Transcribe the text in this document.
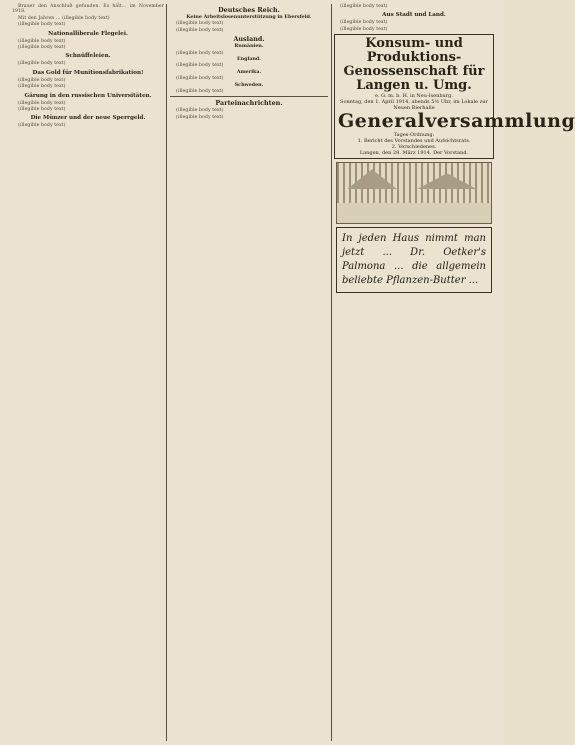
Brauer den Anschluß gefunden. Es hält... im November 1918.

Mit den Jahren ... (illegible body text)

(illegible body text)

Nationalliberale Flegelei.

(illegible body text)

(illegible body text)

Schnüffeleien.

(illegible body text)

Das Gold für Munitionsfabrikation!

(illegible body text)

(illegible body text)

Gärung in den russischen Universitäten.

(illegible body text)

(illegible body text)

Die Münzer und der neue Sperrgeld.

(illegible body text)

Deutsches Reich.
Keine Arbeitslosenunterstützung in Ebersfeld.

(illegible body text)

(illegible body text)

Ausland.
Rumänien.

(illegible body text)

England.

(illegible body text)

Amerika.

(illegible body text)

Schweden.

(illegible body text)

Parteinachrichten.

(illegible body text)

(illegible body text)

(illegible body text)

Aus Stadt und Land.

(illegible body text)

(illegible body text)

Konsum- und Produktions-
Genossenschaft für Langen u. Umg.
e. G. m. b. H. in Neu-Isenburg.
Sonntag, den 1. April 1914, abends 5½ Uhr, im Lokale zur Neuen Bierhalle
Generalversammlung
Tages-Ordnung:
1. Bericht des Vorstandes und Aufsichtsrats.
2. Verschiedenes.
Langen, den 28. März 1914. Der Vorstand.
In jeden Haus nimmt man jetzt ... Dr. Oetker's Palmona ... die allgemein beliebte Pflanzen-Butter ...
